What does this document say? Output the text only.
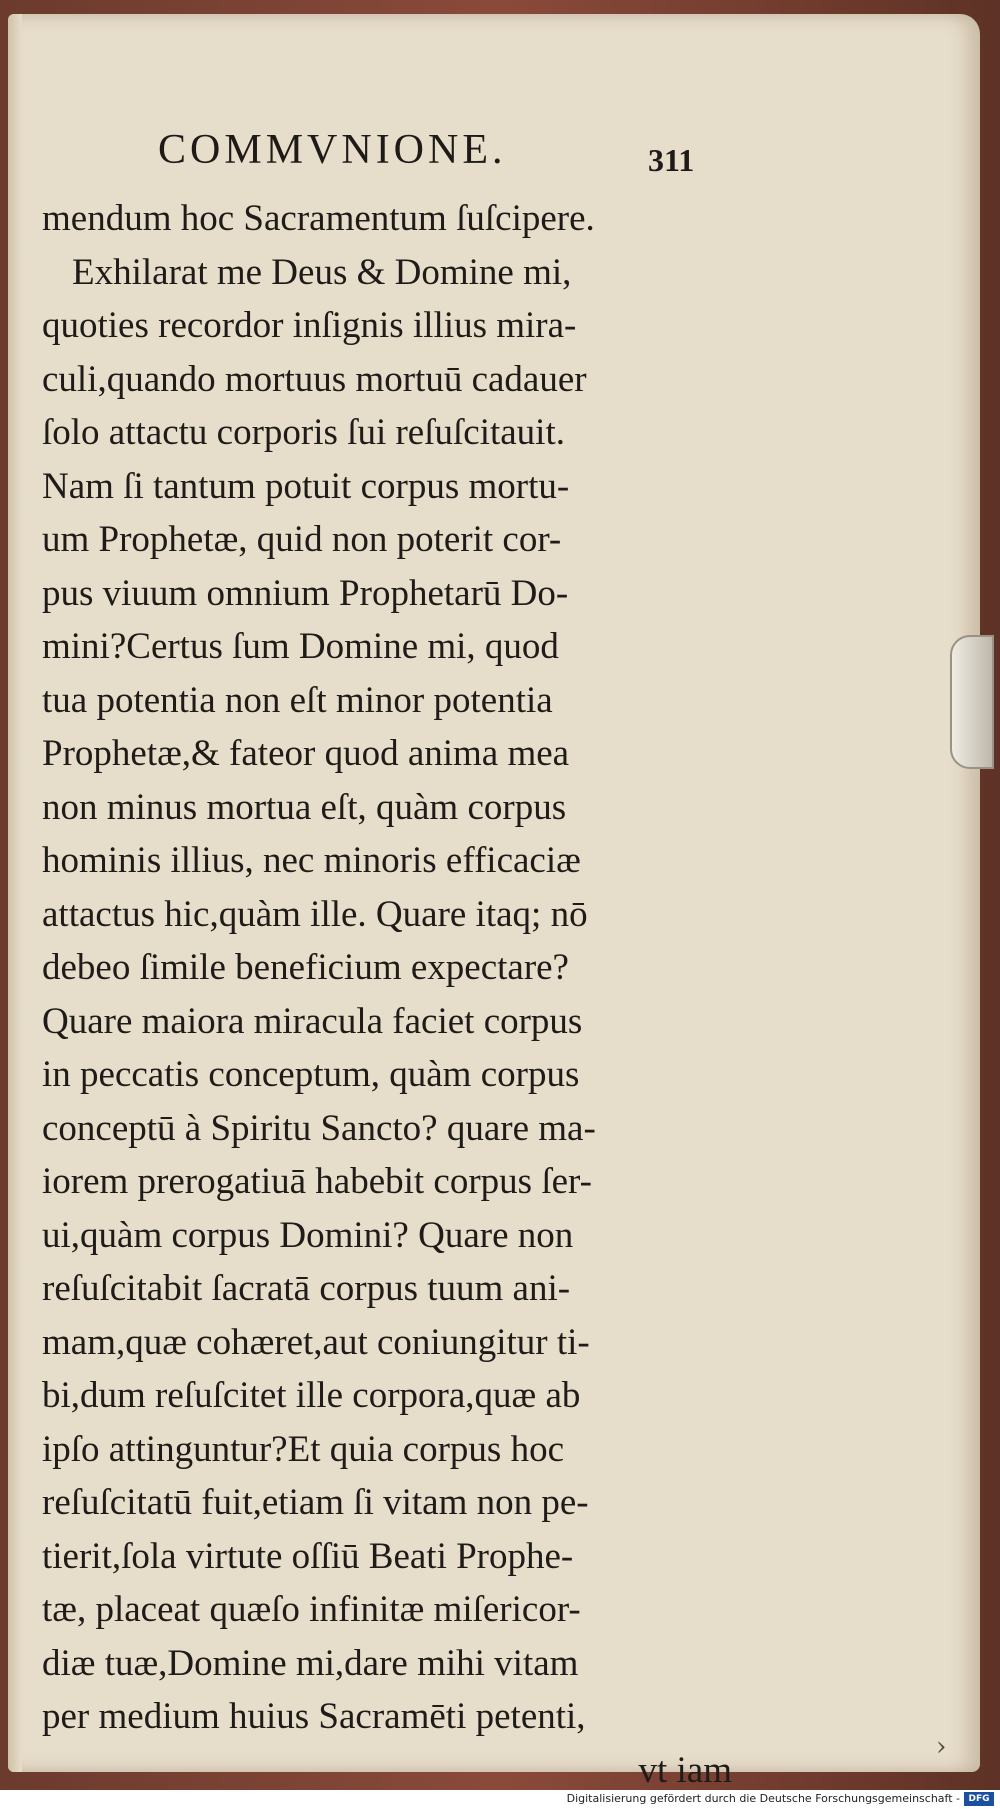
COMMVNIONE.	311
mendum hoc Sacramentum ſuſcipere.
Exhilarat me Deus & Domine mi,
quoties recordor inſignis illius mira-
culi,quando mortuus mortuū cadauer
ſolo attactu corporis ſui reſuſcitauit.
Nam ſi tantum potuit corpus mortu-
um Prophetæ, quid non poterit cor-
pus viuum omnium Prophetarū Do-
mini?Certus ſum Domine mi, quod
tua potentia non eſt minor potentia
Prophetæ,& fateor quod anima mea
non minus mortua eſt, quàm corpus
hominis illius, nec minoris efficaciæ
attactus hic,quàm ille. Quare itaq; nō
debeo ſimile beneficium expectare?
Quare maiora miracula faciet corpus
in peccatis conceptum, quàm corpus
conceptū à Spiritu Sancto? quare ma-
iorem prerogatiuā habebit corpus ſer-
ui,quàm corpus Domini? Quare non
reſuſcitabit ſacratā corpus tuum ani-
mam,quæ cohæret,aut coniungitur ti-
bi,dum reſuſcitet ille corpora,quæ ab
ipſo attinguntur?Et quia corpus hoc
reſuſcitatū fuit,etiam ſi vitam non pe-
tierit,ſola virtute oſſiū Beati Prophe-
tæ, placeat quæſo infinitæ miſericor-
diæ tuæ,Domine mi,dare mihi vitam
per medium huius Sacramēti petenti,
vt iam
›
Digitalisierung gefördert durch die Deutsche Forschungsgemeinschaft - DFG
